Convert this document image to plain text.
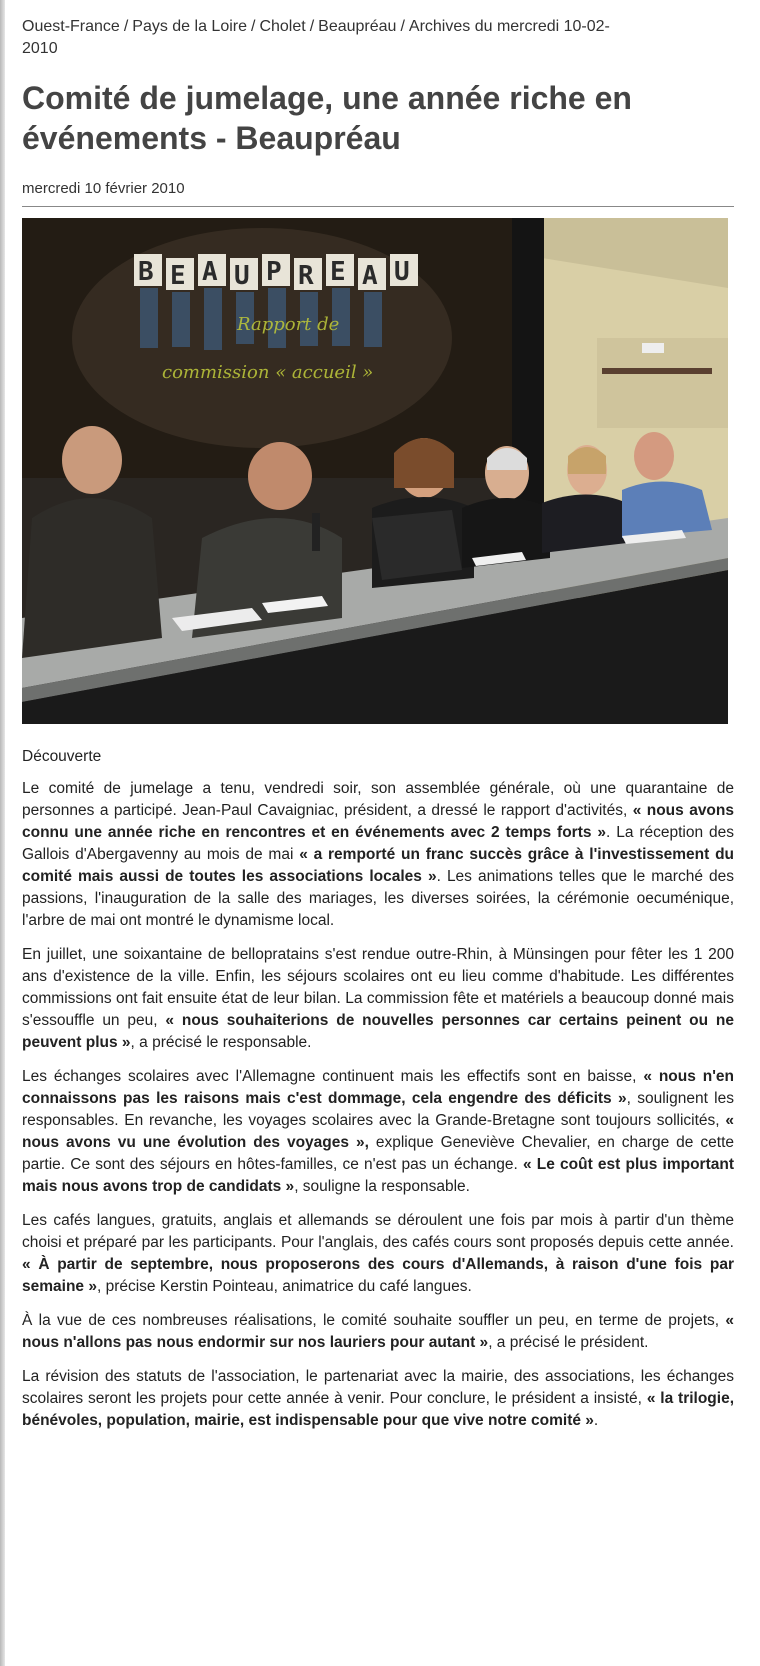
Ouest-France / Pays de la Loire / Cholet / Beaupréau / Archives du mercredi 10-02-2010
Comité de jumelage, une année riche en événements - Beaupréau
mercredi 10 février 2010
B E A U P R E A U
Rapport de
commission « accueil »

Découverte

Le comité de jumelage a tenu, vendredi soir, son assemblée générale, où une quarantaine de personnes a participé. Jean-Paul Cavaigniac, président, a dressé le rapport d'activités, « nous avons connu une année riche en rencontres et en événements avec 2 temps forts ». La réception des Gallois d'Abergavenny au mois de mai « a remporté un franc succès grâce à l'investissement du comité mais aussi de toutes les associations locales ». Les animations telles que le marché des passions, l'inauguration de la salle des mariages, les diverses soirées, la cérémonie oecuménique, l'arbre de mai ont montré le dynamisme local.

En juillet, une soixantaine de bellopratains s'est rendue outre-Rhin, à Münsingen pour fêter les 1 200 ans d'existence de la ville. Enfin, les séjours scolaires ont eu lieu comme d'habitude. Les différentes commissions ont fait ensuite état de leur bilan. La commission fête et matériels a beaucoup donné mais s'essouffle un peu, « nous souhaiterions de nouvelles personnes car certains peinent ou ne peuvent plus », a précisé le responsable.

Les échanges scolaires avec l'Allemagne continuent mais les effectifs sont en baisse, « nous n'en connaissons pas les raisons mais c'est dommage, cela engendre des déficits », soulignent les responsables. En revanche, les voyages scolaires avec la Grande-Bretagne sont toujours sollicités, « nous avons vu une évolution des voyages », explique Geneviève Chevalier, en charge de cette partie. Ce sont des séjours en hôtes-familles, ce n'est pas un échange. « Le coût est plus important mais nous avons trop de candidats », souligne la responsable.

Les cafés langues, gratuits, anglais et allemands se déroulent une fois par mois à partir d'un thème choisi et préparé par les participants. Pour l'anglais, des cafés cours sont proposés depuis cette année. « À partir de septembre, nous proposerons des cours d'Allemands, à raison d'une fois par semaine », précise Kerstin Pointeau, animatrice du café langues.

À la vue de ces nombreuses réalisations, le comité souhaite souffler un peu, en terme de projets, « nous n'allons pas nous endormir sur nos lauriers pour autant », a précisé le président.

La révision des statuts de l'association, le partenariat avec la mairie, des associations, les échanges scolaires seront les projets pour cette année à venir. Pour conclure, le président a insisté, « la trilogie, bénévoles, population, mairie, est indispensable pour que vive notre comité ».
